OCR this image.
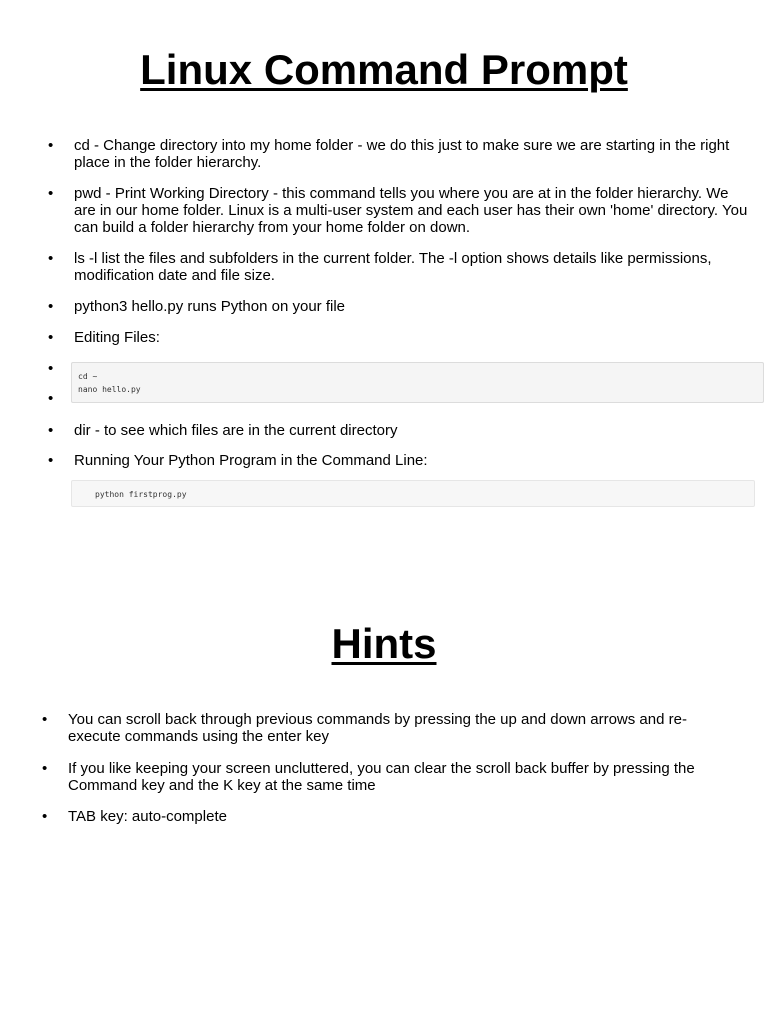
Linux Command Prompt
• cd - Change directory into my home folder - we do this just to make sure we are starting in the right place in the folder hierarchy.
• pwd - Print Working Directory - this command tells you where you are at in the folder hierarchy. We are in our home folder. Linux is a multi-user system and each user has their own 'home' directory. You can build a folder hierarchy from your home folder on down.
• ls -l list the files and subfolders in the current folder. The -l option shows details like permissions, modification date and file size.
• python3 hello.py runs Python on your file
• Editing Files:
•
•
cd ~
nano hello.py
• dir - to see which files are in the current directory
• Running Your Python Program in the Command Line:
python firstprog.py
Hints
• You can scroll back through previous commands by pressing the up and down arrows and re-execute commands using the enter key
• If you like keeping your screen uncluttered, you can clear the scroll back buffer by pressing the Command key and the K key at the same time
• TAB key: auto-complete
